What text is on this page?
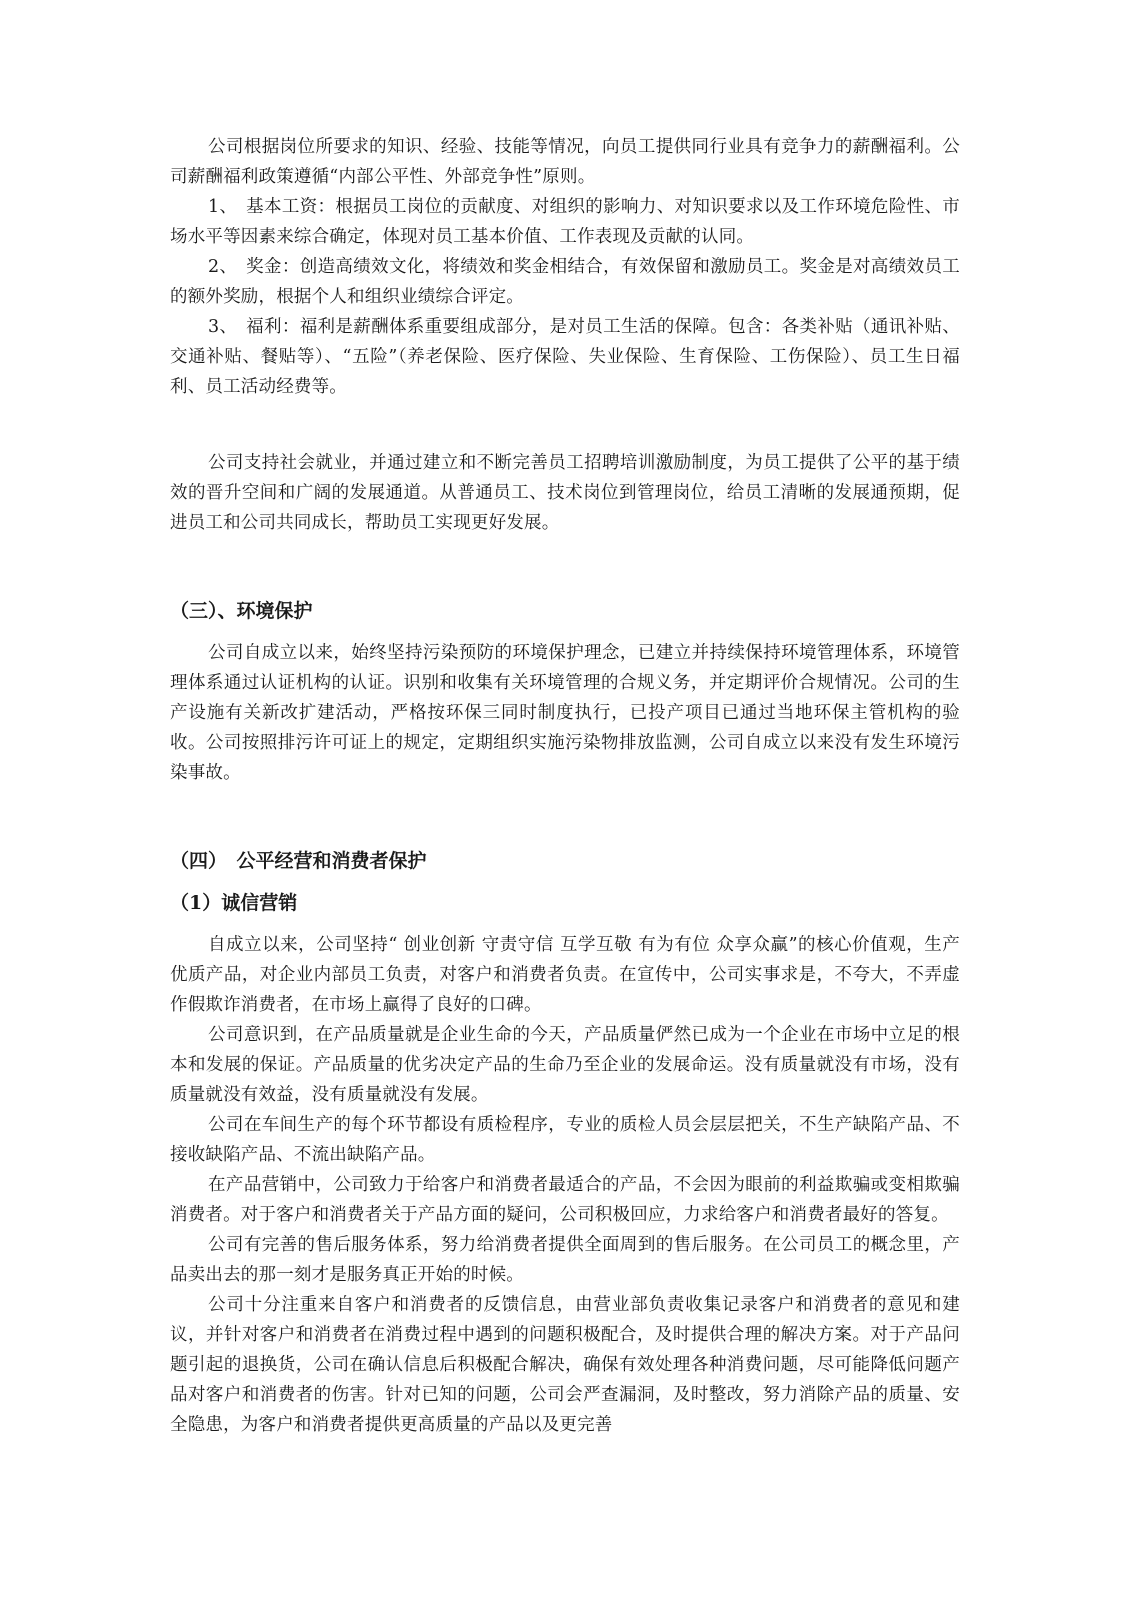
公司根据岗位所要求的知识、经验、技能等情况，向员工提供同行业具有竞争力的薪酬福利。公司薪酬福利政策遵循“内部公平性、外部竞争性”原则。

1、 基本工资：根据员工岗位的贡献度、对组织的影响力、对知识要求以及工作环境危险性、市场水平等因素来综合确定，体现对员工基本价值、工作表现及贡献的认同。

2、 奖金：创造高绩效文化，将绩效和奖金相结合，有效保留和激励员工。奖金是对高绩效员工的额外奖励，根据个人和组织业绩综合评定。

3、 福利：福利是薪酬体系重要组成部分，是对员工生活的保障。包含：各类补贴（通讯补贴、交通补贴、餐贴等）、“五险”（养老保险、医疗保险、失业保险、生育保险、工伤保险）、员工生日福利、员工活动经费等。

公司支持社会就业，并通过建立和不断完善员工招聘培训激励制度，为员工提供了公平的基于绩效的晋升空间和广阔的发展通道。从普通员工、技术岗位到管理岗位，给员工清晰的发展通预期，促进员工和公司共同成长，帮助员工实现更好发展。

（三）、环境保护

公司自成立以来，始终坚持污染预防的环境保护理念，已建立并持续保持环境管理体系，环境管理体系通过认证机构的认证。识别和收集有关环境管理的合规义务，并定期评价合规情况。公司的生产设施有关新改扩建活动，严格按环保三同时制度执行，已投产项目已通过当地环保主管机构的验收。公司按照排污许可证上的规定，定期组织实施污染物排放监测，公司自成立以来没有发生环境污染事故。

（四）　公平经营和消费者保护
（1）诚信营销

自成立以来，公司坚持“ 创业创新 守责守信 互学互敬 有为有位 众享众赢”的核心价值观，生产优质产品，对企业内部员工负责，对客户和消费者负责。在宣传中，公司实事求是，不夸大，不弄虚作假欺诈消费者，在市场上赢得了良好的口碑。

公司意识到，在产品质量就是企业生命的今天，产品质量俨然已成为一个企业在市场中立足的根本和发展的保证。产品质量的优劣决定产品的生命乃至企业的发展命运。没有质量就没有市场，没有质量就没有效益，没有质量就没有发展。

公司在车间生产的每个环节都设有质检程序，专业的质检人员会层层把关，不生产缺陷产品、不接收缺陷产品、不流出缺陷产品。

在产品营销中，公司致力于给客户和消费者最适合的产品，不会因为眼前的利益欺骗或变相欺骗消费者。对于客户和消费者关于产品方面的疑问，公司积极回应，力求给客户和消费者最好的答复。

公司有完善的售后服务体系，努力给消费者提供全面周到的售后服务。在公司员工的概念里，产品卖出去的那一刻才是服务真正开始的时候。

公司十分注重来自客户和消费者的反馈信息，由营业部负责收集记录客户和消费者的意见和建议，并针对客户和消费者在消费过程中遇到的问题积极配合，及时提供合理的解决方案。对于产品问题引起的退换货，公司在确认信息后积极配合解决，确保有效处理各种消费问题，尽可能降低问题产品对客户和消费者的伤害。针对已知的问题，公司会严查漏洞，及时整改，努力消除产品的质量、安全隐患，为客户和消费者提供更高质量的产品以及更完善
